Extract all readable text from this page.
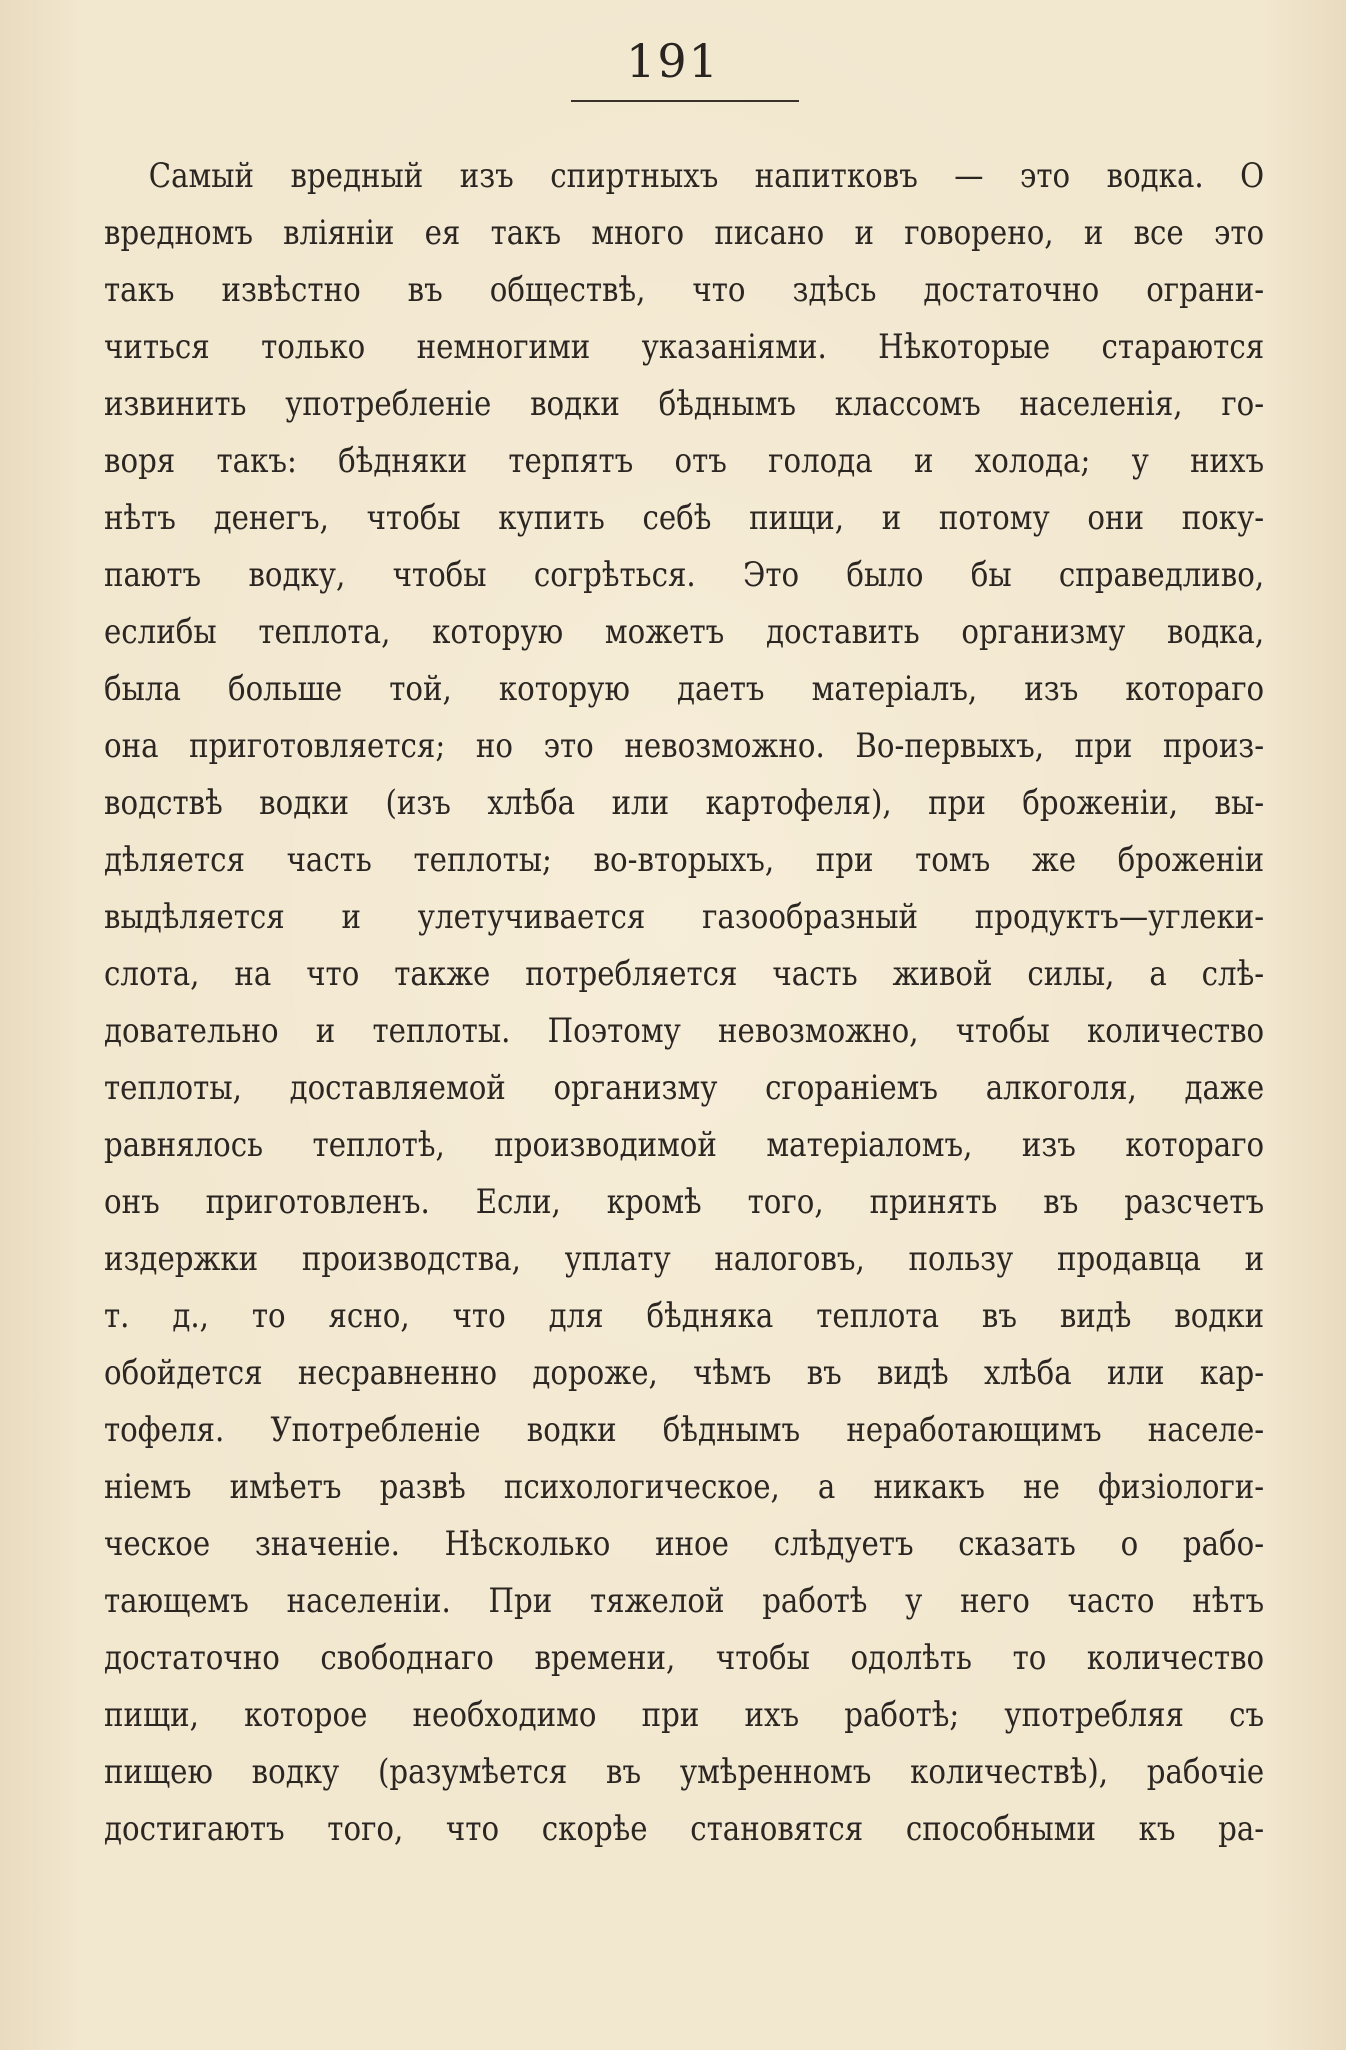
191
Самый вредный изъ спиртныхъ напитковъ — это водка. О
вредномъ вліяніи ея такъ много писано и говорено, и все это
такъ извѣстно въ обществѣ, что здѣсь достаточно ограни-
читься только немногими указаніями. Нѣкоторые стараются
извинить употребленіе водки бѣднымъ классомъ населенія, го-
воря такъ: бѣдняки терпятъ отъ голода и холода; у нихъ
нѣтъ денегъ, чтобы купить себѣ пищи, и потому они поку-
паютъ водку, чтобы согрѣться. Это было бы справедливо,
еслибы теплота, которую можетъ доставить организму водка,
была больше той, которую даетъ матеріалъ, изъ котораго
она приготовляется; но это невозможно. Во-первыхъ, при произ-
водствѣ водки (изъ хлѣба или картофеля), при броженіи, вы-
дѣляется часть теплоты; во-вторыхъ, при томъ же броженіи
выдѣляется и улетучивается газообразный продуктъ—углеки-
слота, на что также потребляется часть живой силы, а слѣ-
довательно и теплоты. Поэтому невозможно, чтобы количество
теплоты, доставляемой организму сгораніемъ алкоголя, даже
равнялось теплотѣ, производимой матеріаломъ, изъ котораго
онъ приготовленъ. Если, кромѣ того, принять въ разсчетъ
издержки производства, уплату налоговъ, пользу продавца и
т. д., то ясно, что для бѣдняка теплота въ видѣ водки
обойдется несравненно дороже, чѣмъ въ видѣ хлѣба или кар-
тофеля. Употребленіе водки бѣднымъ неработающимъ населе-
ніемъ имѣетъ развѣ психологическое, а никакъ не физіологи-
ческое значеніе. Нѣсколько иное слѣдуетъ сказать о рабо-
тающемъ населеніи. При тяжелой работѣ у него часто нѣтъ
достаточно свободнаго времени, чтобы одолѣть то количество
пищи, которое необходимо при ихъ работѣ; употребляя съ
пищею водку (разумѣется въ умѣренномъ количествѣ), рабочіе
достигаютъ того, что скорѣе становятся способными къ ра-
